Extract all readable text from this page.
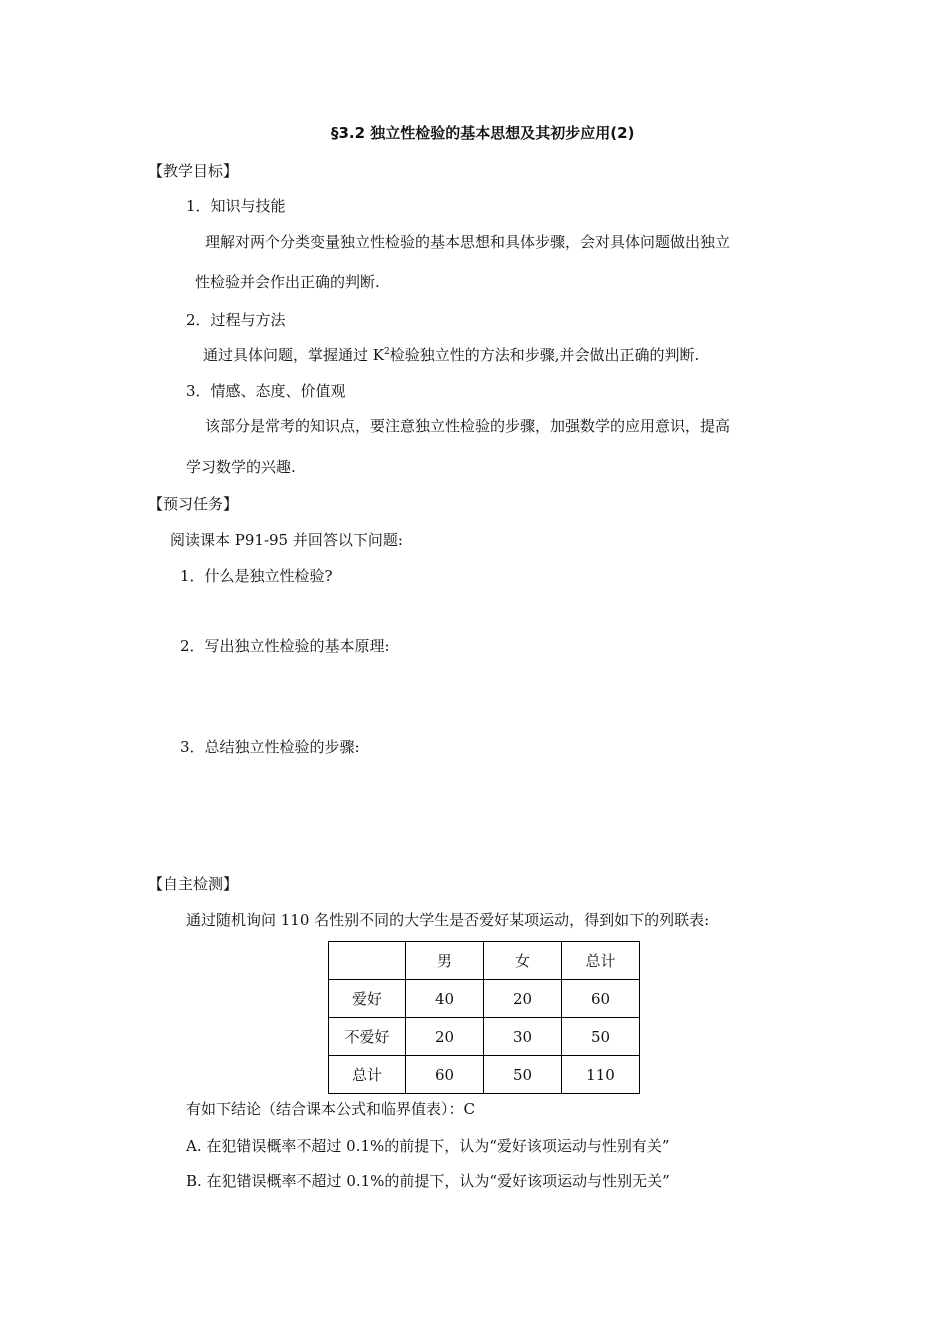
§3.2 独立性检验的基本思想及其初步应用(2)
【教学目标】
1．知识与技能
理解对两个分类变量独立性检验的基本思想和具体步骤，会对具体问题做出独立
性检验并会作出正确的判断.
2．过程与方法
通过具体问题，掌握通过 $K^2$检验独立性的方法和步骤,并会做出正确的判断.
3．情感、态度、价值观
该部分是常考的知识点，要注意独立性检验的步骤，加强数学的应用意识，提高
学习数学的兴趣.
【预习任务】
阅读课本 P91-95 并回答以下问题:
1．什么是独立性检验?
2．写出独立性检验的基本原理:
3．总结独立性检验的步骤:
【自主检测】
通过随机询问 110 名性别不同的大学生是否爱好某项运动，得到如下的列联表:
	男	女	总计
爱好	40	20	60
不爱好	20	30	50
总计	60	50	110
有如下结论（结合课本公式和临界值表）：C
A. 在犯错误概率不超过 0.1%的前提下，认为“爱好该项运动与性别有关”
B. 在犯错误概率不超过 0.1%的前提下，认为“爱好该项运动与性别无关”
